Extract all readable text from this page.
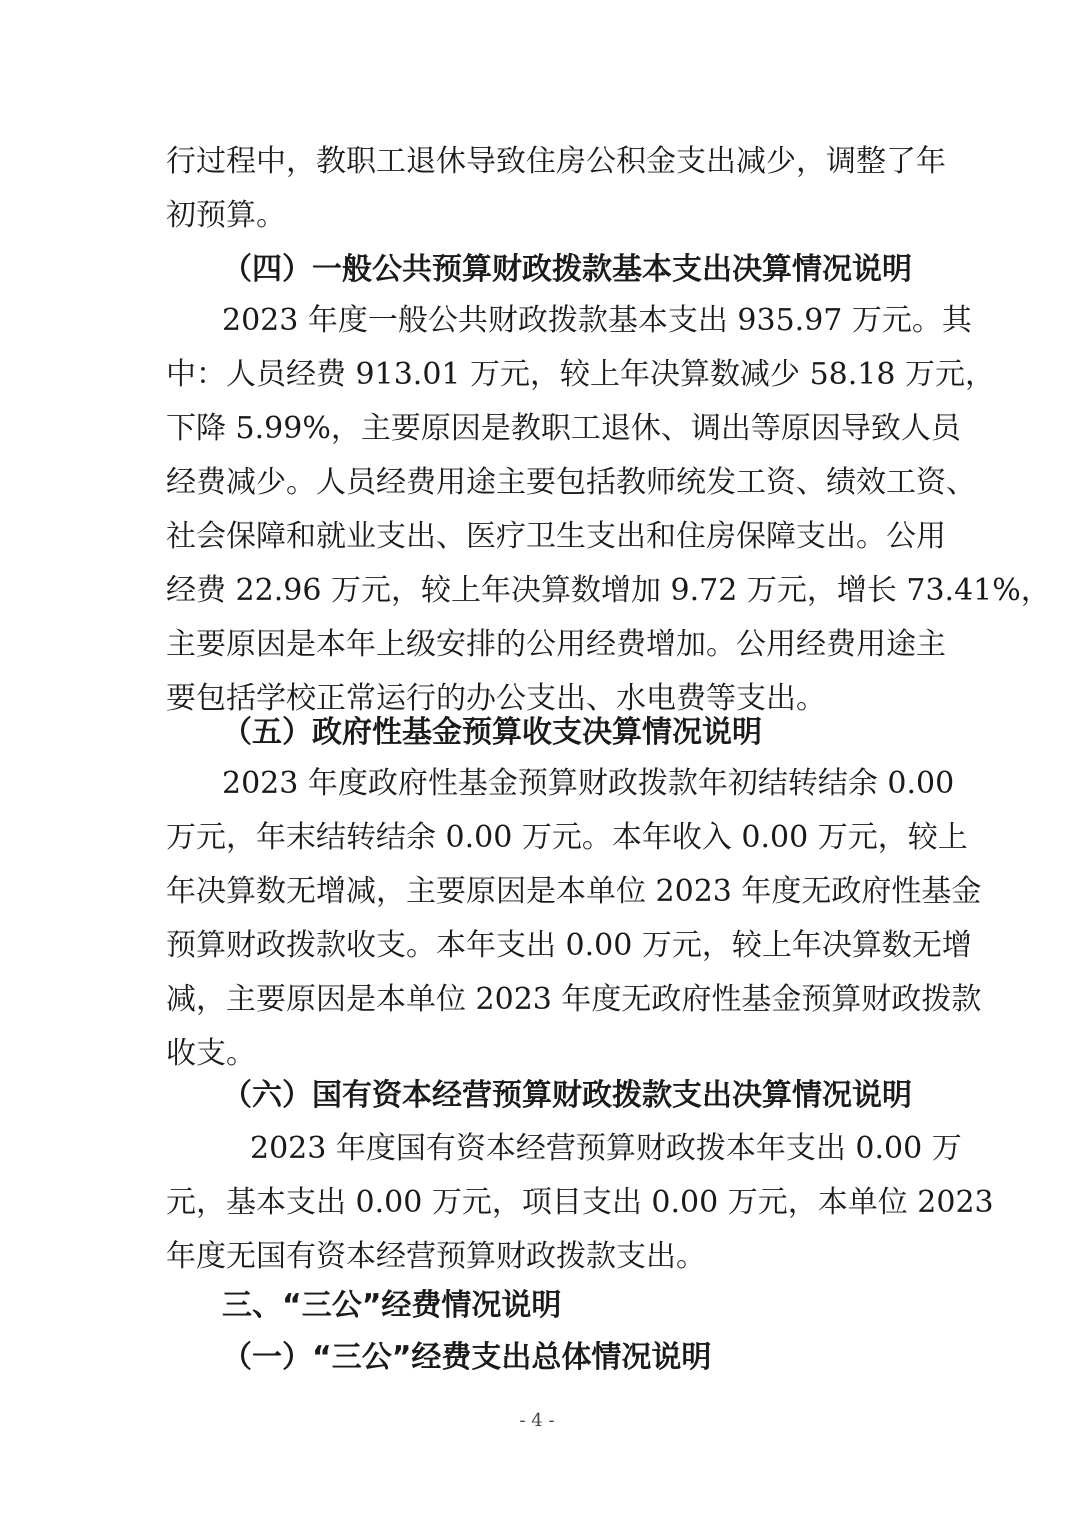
行过程中，教职工退休导致住房公积金支出减少，调整了年
初预算。
（四）一般公共预算财政拨款基本支出决算情况说明
2023 年度一般公共财政拨款基本支出 935.97 万元。其
中：人员经费 913.01 万元，较上年决算数减少 58.18 万元，
下降 5.99%，主要原因是教职工退休、调出等原因导致人员
经费减少。人员经费用途主要包括教师统发工资、绩效工资、
社会保障和就业支出、医疗卫生支出和住房保障支出。公用
经费 22.96 万元，较上年决算数增加 9.72 万元，增长 73.41%，
主要原因是本年上级安排的公用经费增加。公用经费用途主
要包括学校正常运行的办公支出、水电费等支出。
（五）政府性基金预算收支决算情况说明
2023 年度政府性基金预算财政拨款年初结转结余 0.00
万元，年末结转结余 0.00 万元。本年收入 0.00 万元，较上
年决算数无增减，主要原因是本单位 2023 年度无政府性基金
预算财政拨款收支。本年支出 0.00 万元，较上年决算数无增
减，主要原因是本单位 2023 年度无政府性基金预算财政拨款
收支。
（六）国有资本经营预算财政拨款支出决算情况说明
2023 年度国有资本经营预算财政拨本年支出 0.00 万
元，基本支出 0.00 万元，项目支出 0.00 万元，本单位 2023
年度无国有资本经营预算财政拨款支出。
三、“三公”经费情况说明
（一）“三公”经费支出总体情况说明
- 4 -
